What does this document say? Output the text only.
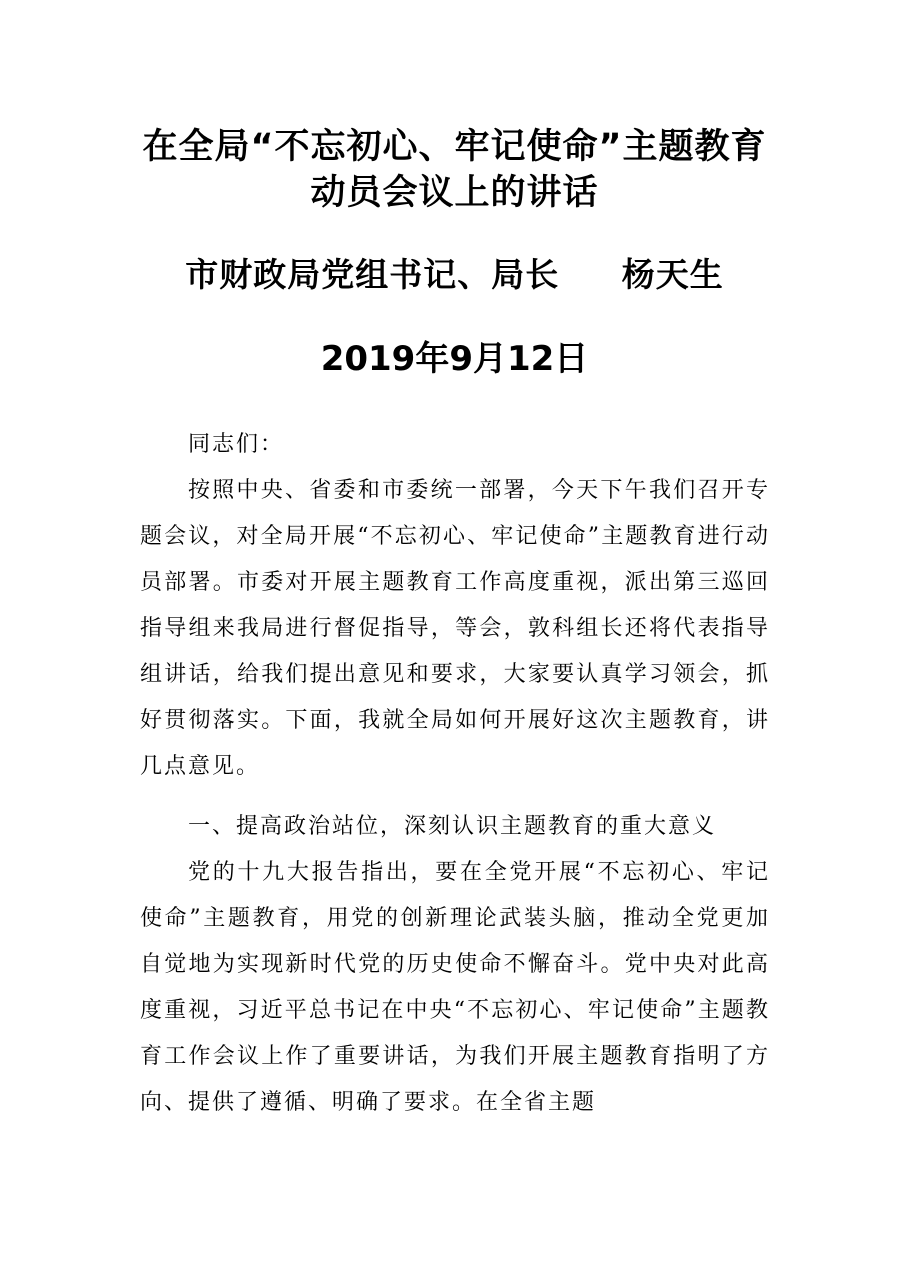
在全局“不忘初心、牢记使命”主题教育
动员会议上的讲话
市财政局党组书记、局长     杨天生
2019年9月12日

同志们：

按照中央、省委和市委统一部署，今天下午我们召开专题会议，对全局开展“不忘初心、牢记使命”主题教育进行动员部署。市委对开展主题教育工作高度重视，派出第三巡回指导组来我局进行督促指导，等会，敦科组长还将代表指导组讲话，给我们提出意见和要求，大家要认真学习领会，抓好贯彻落实。下面，我就全局如何开展好这次主题教育，讲几点意见。

一、提高政治站位，深刻认识主题教育的重大意义

党的十九大报告指出，要在全党开展“不忘初心、牢记使命”主题教育，用党的创新理论武装头脑，推动全党更加自觉地为实现新时代党的历史使命不懈奋斗。党中央对此高度重视，习近平总书记在中央“不忘初心、牢记使命”主题教育工作会议上作了重要讲话，为我们开展主题教育指明了方向、提供了遵循、明确了要求。在全省主题
